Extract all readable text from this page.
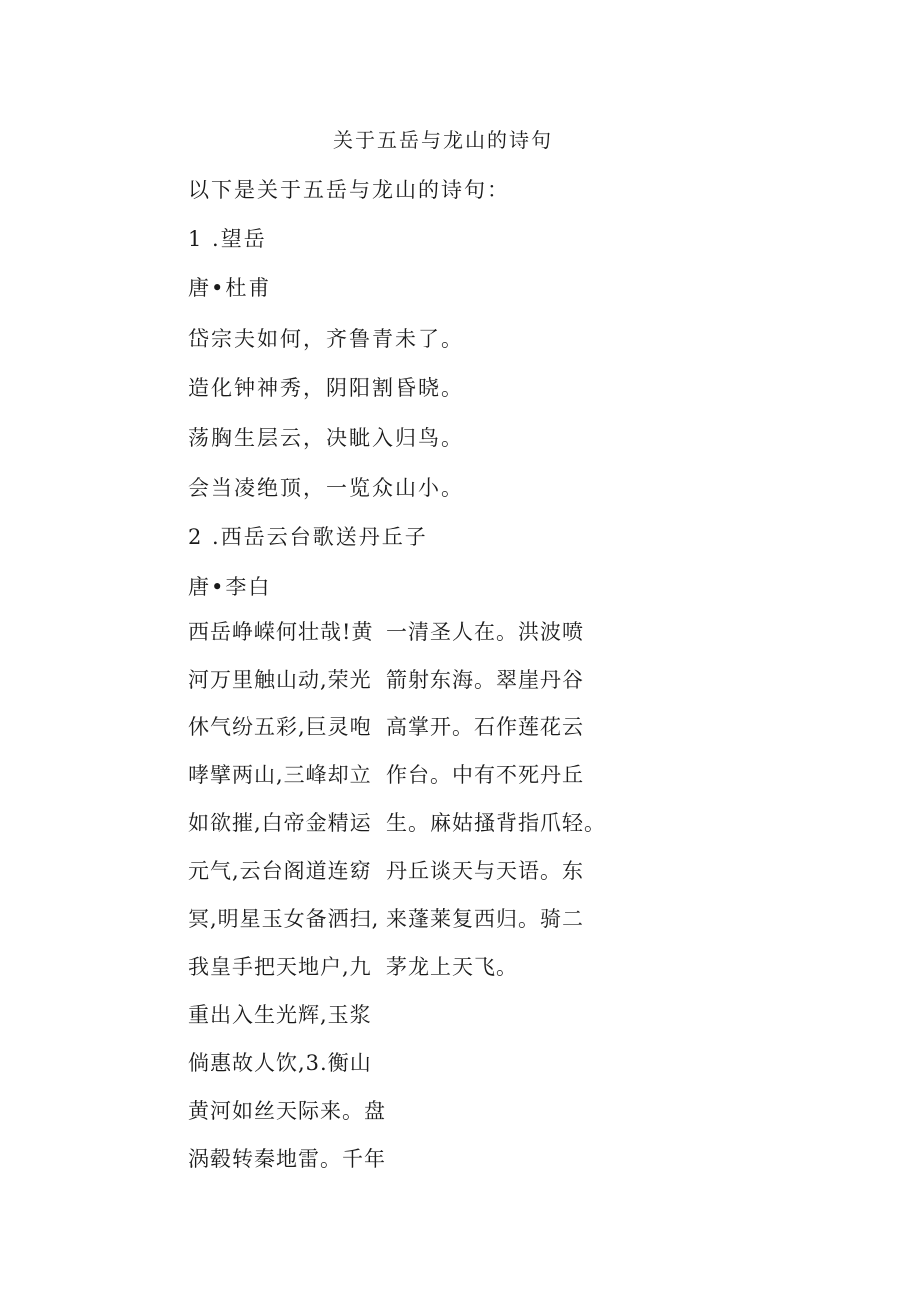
关于五岳与龙山的诗句
以下是关于五岳与龙山的诗句：
1 .望岳
唐•杜甫
岱宗夫如何，齐鲁青未了。
造化钟神秀，阴阳割昏晓。
荡胸生层云，决眦入归鸟。
会当凌绝顶，一览众山小。
2 .西岳云台歌送丹丘子
唐•李白
西岳峥嵘何壮哉!黄
河万里触山动,荣光
休气纷五彩,巨灵咆
哮擘两山,三峰却立
如欲摧,白帝金精运
元气,云台阁道连窈
冥,明星玉女备洒扫,
我皇手把天地户,九
重出入生光辉,玉浆
倘惠故人饮,3.衡山
黄河如丝天际来。盘
涡毂转秦地雷。千年
一清圣人在。洪波喷
箭射东海。翠崖丹谷
高掌开。石作莲花云
作台。中有不死丹丘
生。麻姑搔背指爪轻。
丹丘谈天与天语。东
来蓬莱复西归。骑二
茅龙上天飞。
